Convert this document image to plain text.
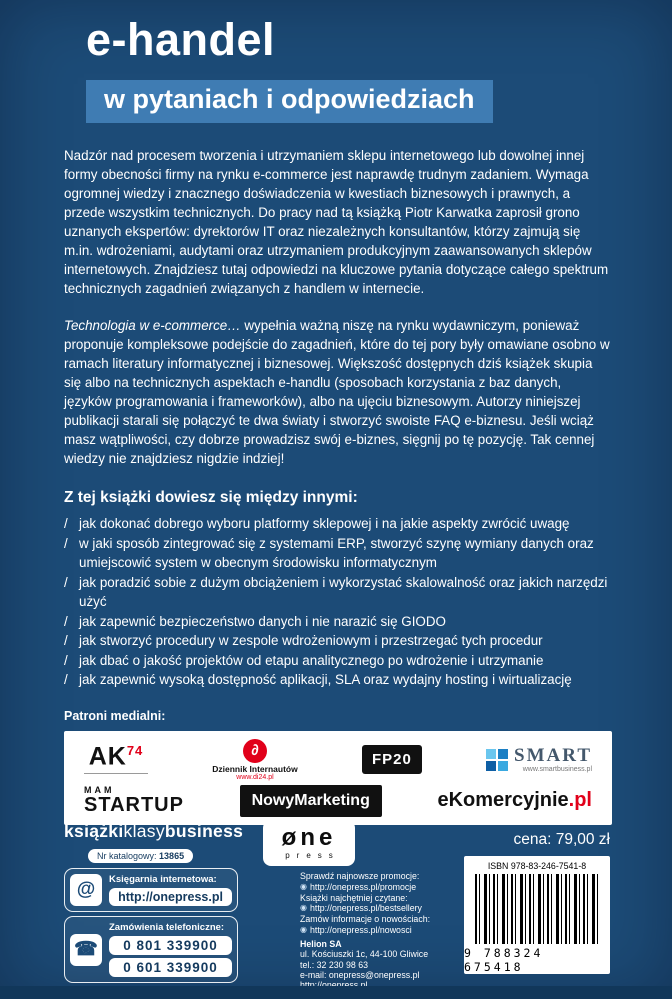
e-handel
w pytaniach i odpowiedziach

Nadzór nad procesem tworzenia i utrzymaniem sklepu internetowego lub dowolnej innej formy obecności firmy na rynku e-commerce jest naprawdę trudnym zadaniem. Wymaga ogromnej wiedzy i znacznego doświadczenia w kwestiach biznesowych i prawnych, a przede wszystkim technicznych. Do pracy nad tą książką Piotr Karwatka zaprosił grono uznanych ekspertów: dyrektorów IT oraz niezależnych konsultantów, którzy zajmują się m.in. wdrożeniami, audytami oraz utrzymaniem produkcyjnym zaawansowanych sklepów internetowych. Znajdziesz tutaj odpowiedzi na kluczowe pytania dotyczące całego spektrum technicznych zagadnień związanych z handlem w internecie.

Technologia w e-commerce… wypełnia ważną niszę na rynku wydawniczym, ponieważ proponuje kompleksowe podejście do zagadnień, które do tej pory były omawiane osobno w ramach literatury informatycznej i biznesowej. Większość dostępnych dziś książek skupia się albo na technicznych aspektach e-handlu (sposobach korzystania z baz danych, języków programowania i frameworków), albo na ujęciu biznesowym. Autorzy niniejszej publikacji starali się połączyć te dwa światy i stworzyć swoiste FAQ e-biznesu. Jeśli wciąż masz wątpliwości, czy dobrze prowadzisz swój e-biznes, sięgnij po tę pozycję. Tak cennej wiedzy nie znajdziesz nigdzie indziej!

Z tej książki dowiesz się między innymi:
/ jak dokonać dobrego wyboru platformy sklepowej i na jakie aspekty zwrócić uwagę
/ w jaki sposób zintegrować się z systemami ERP, stworzyć szynę wymiany danych oraz umiejscowić system w obecnym środowisku informatycznym
/ jak poradzić sobie z dużym obciążeniem i wykorzystać skalowalność oraz jakich narzędzi użyć
/ jak zapewnić bezpieczeństwo danych i nie narazić się GIODO
/ jak stworzyć procedury w zespole wdrożeniowym i przestrzegać tych procedur
/ jak dbać o jakość projektów od etapu analitycznego po wdrożenie i utrzymanie
/ jak zapewnić wysoką dostępność aplikacji, SLA oraz wydajny hosting i wirtualizację
Patroni medialni:
AK$^{74}$	∂
Dziennik Internautów
www.di24.pl
FP20	SMART
www.smartbusiness.pl
MAM
STARTUP	NowyMarketing	eKomercyjnie.pl
książkiklasybusiness
Nr katalogowy: 13865
@	Księgarnia internetowa:
http://onepress.pl
☎
Zamówienia telefoniczne:
0 801 339900
0 601 339900
øne
press
Sprawdź najnowsze promocje:
◉ http://onepress.pl/promocje
Książki najchętniej czytane:
◉ http://onepress.pl/bestsellery
Zamów informacje o nowościach:
◉ http://onepress.pl/nowosci
Helion SA
ul. Kościuszki 1c, 44-100 Gliwice
tel.: 32 230 98 63
e-mail: onepress@onepress.pl
cena: 79,00 zł
ISBN 978-83-246-7541-8
9 788324 675418
